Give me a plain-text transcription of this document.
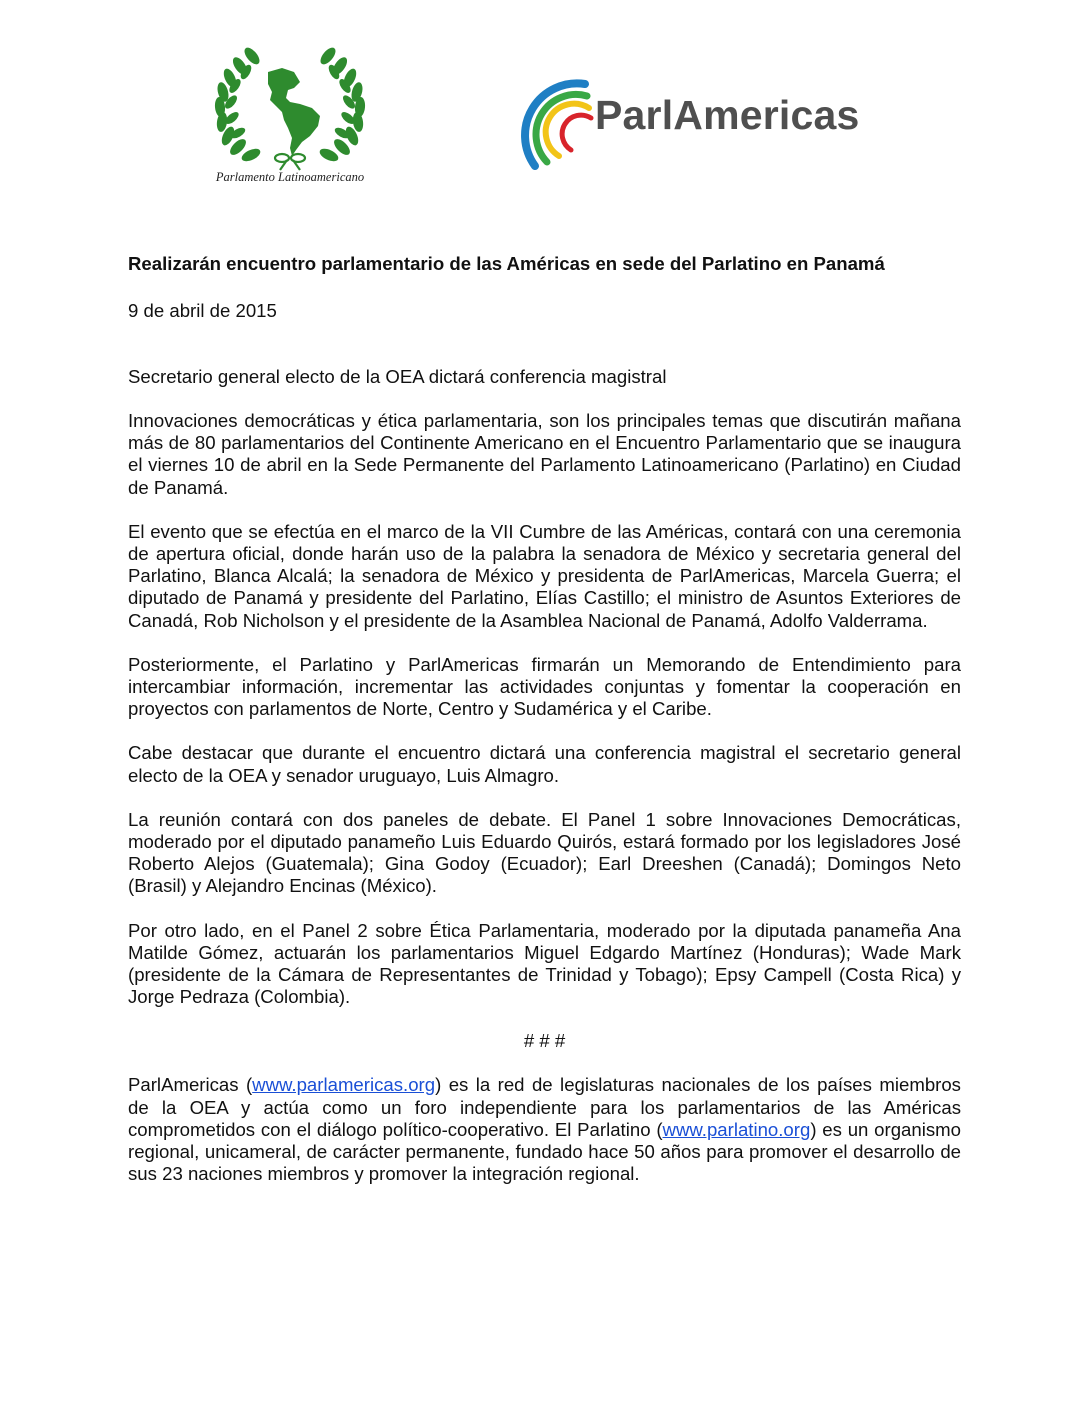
Parlamento Latinoamericano
ParlAmericas
Realizarán encuentro parlamentario de las Américas en sede del Parlatino en Panamá

9 de abril de 2015

Secretario general electo de la OEA dictará conferencia magistral

Innovaciones democráticas y ética parlamentaria, son los principales temas que discutirán mañana más de 80 parlamentarios del Continente Americano en el Encuentro Parlamentario que se inaugura el viernes 10 de abril en la Sede Permanente del Parlamento Latinoamericano (Parlatino) en Ciudad de Panamá.

El evento que se efectúa en el marco de la VII Cumbre de las Américas, contará con una ceremonia de apertura oficial, donde harán uso de la palabra la senadora de México y secretaria general del Parlatino, Blanca Alcalá; la senadora de México y presidenta de ParlAmericas, Marcela Guerra; el diputado de Panamá y presidente del Parlatino, Elías Castillo; el ministro de Asuntos Exteriores de Canadá, Rob Nicholson y el presidente de la Asamblea Nacional de Panamá, Adolfo Valderrama.

Posteriormente, el Parlatino y ParlAmericas firmarán un Memorando de Entendimiento para intercambiar información, incrementar las actividades conjuntas y fomentar la cooperación en proyectos con parlamentos de Norte, Centro y Sudamérica y el Caribe.

Cabe destacar que durante el encuentro dictará una conferencia magistral el secretario general electo de la OEA y senador uruguayo, Luis Almagro.

La reunión contará con dos paneles de debate. El Panel 1 sobre Innovaciones Democráticas, moderado por el diputado panameño Luis Eduardo Quirós, estará formado por los legisladores José Roberto Alejos (Guatemala); Gina Godoy (Ecuador); Earl Dreeshen (Canadá); Domingos Neto (Brasil) y Alejandro Encinas (México).

Por otro lado, en el Panel 2 sobre Ética Parlamentaria, moderado por la diputada panameña Ana Matilde Gómez, actuarán los parlamentarios Miguel Edgardo Martínez (Honduras); Wade Mark (presidente de la Cámara de Representantes de Trinidad y Tobago); Epsy Campell (Costa Rica) y Jorge Pedraza (Colombia).

# # #

ParlAmericas (www.parlamericas.org) es la red de legislaturas nacionales de los países miembros de la OEA y actúa como un foro independiente para los parlamentarios de las Américas comprometidos con el diálogo político-cooperativo. El Parlatino (www.parlatino.org) es un organismo regional, unicameral, de carácter permanente, fundado hace 50 años para promover el desarrollo de sus 23 naciones miembros y promover la integración regional.
